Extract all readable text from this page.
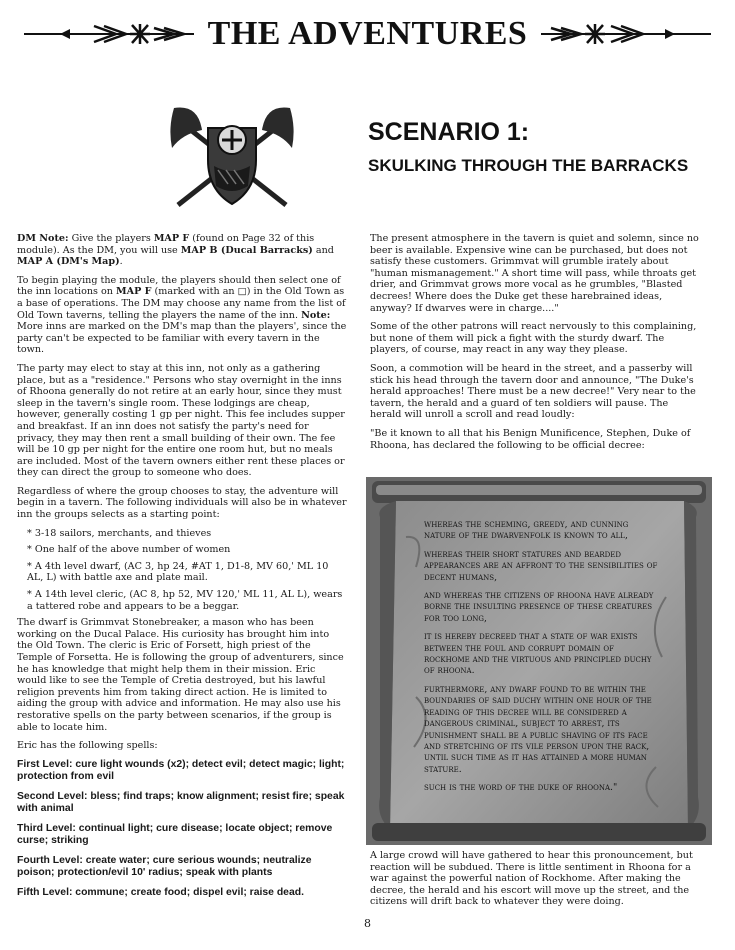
THE ADVENTURES

SCENARIO 1:

SKULKING THROUGH THE BARRACKS

DM Note: Give the players MAP F (found on Page 32 of this module). As the DM, you will use MAP B (Ducal Barracks) and MAP A (DM's Map).

To begin playing the module, the players should then select one of the inn locations on MAP F (marked with an □) in the Old Town as a base of operations. The DM may choose any name from the list of Old Town taverns, telling the players the name of the inn. Note: More inns are marked on the DM's map than the players', since the party can't be expected to be familiar with every tavern in the town.

The party may elect to stay at this inn, not only as a gathering place, but as a "residence." Persons who stay overnight in the inns of Rhoona generally do not retire at an early hour, since they must sleep in the tavern's single room. These lodgings are cheap, however, generally costing 1 gp per night. This fee includes supper and breakfast. If an inn does not satisfy the party's need for privacy, they may then rent a small building of their own. The fee will be 10 gp per night for the entire one room hut, but no meals are included. Most of the tavern owners either rent these places or they can direct the group to someone who does.

Regardless of where the group chooses to stay, the adventure will begin in a tavern. The following individuals will also be in whatever inn the groups selects as a starting point:

* 3-18 sailors, merchants, and thieves

* One half of the above number of women

* A 4th level dwarf, (AC 3, hp 24, #AT 1, D1-8, MV 60,' ML 10 AL, L) with battle axe and plate mail.

* A 14th level cleric, (AC 8, hp 52, MV 120,' ML 11, AL L), wears a tattered robe and appears to be a beggar.

The dwarf is Grimmvat Stonebreaker, a mason who has been working on the Ducal Palace. His curiosity has brought him into the Old Town. The cleric is Eric of Forsett, high priest of the Temple of Forsetta. He is following the group of adventurers, since he has knowledge that might help them in their mission. Eric would like to see the Temple of Cretia destroyed, but his lawful religion prevents him from taking direct action. He is limited to aiding the group with advice and information. He may also use his restorative spells on the party between scenarios, if the group is able to locate him.

Eric has the following spells:

First Level: cure light wounds (x2); detect evil; detect magic; light; protection from evil

Second Level: bless; find traps; know alignment; resist fire; speak with animal

Third Level: continual light; cure disease; locate object; remove curse; striking

Fourth Level: create water; cure serious wounds; neutralize poison; protection/evil 10' radius; speak with plants

Fifth Level: commune; create food; dispel evil; raise dead.

The present atmosphere in the tavern is quiet and solemn, since no beer is available. Expensive wine can be purchased, but does not satisfy these customers. Grimmvat will grumble irately about "human mismanagement." A short time will pass, while throats get drier, and Grimmvat grows more vocal as he grumbles, "Blasted decrees! Where does the Duke get these harebrained ideas, anyway? If dwarves were in charge...."

Some of the other patrons will react nervously to this complaining, but none of them will pick a fight with the sturdy dwarf. The players, of course, may react in any way they please.

Soon, a commotion will be heard in the street, and a passerby will stick his head through the tavern door and announce, "The Duke's herald approaches! There must be a new decree!" Very near to the tavern, the herald and a guard of ten soldiers will pause. The herald will unroll a scroll and read loudly:

"Be it known to all that his Benign Munificence, Stephen, Duke of Rhoona, has declared the following to be official decree:

whereas the scheming, greedy, and cunning nature of the dwarvenfolk is known to all,

whereas their short statures and bearded appearances are an affront to the sensibilities of decent humans,

and whereas the citizens of rhoona have already borne the insulting presence of these creatures for too long,

it is hereby decreed that a state of war exists between the foul and corrupt domain of rockhome and the virtuous and principled duchy of rhoona.

furthermore, any dwarf found to be within the boundaries of said duchy within one hour of the reading of this decree will be considered a dangerous criminal, subject to arrest, its punishment shall be a public shaving of its face and stretching of its vile person upon the rack, until such time as it has attained a more human stature.

such is the word of the duke of rhoona."

A large crowd will have gathered to hear this pronouncement, but reaction will be subdued. There is little sentiment in Rhoona for a war against the powerful nation of Rockhome. After making the decree, the herald and his escort will move up the street, and the citizens will drift back to whatever they were doing.

8
